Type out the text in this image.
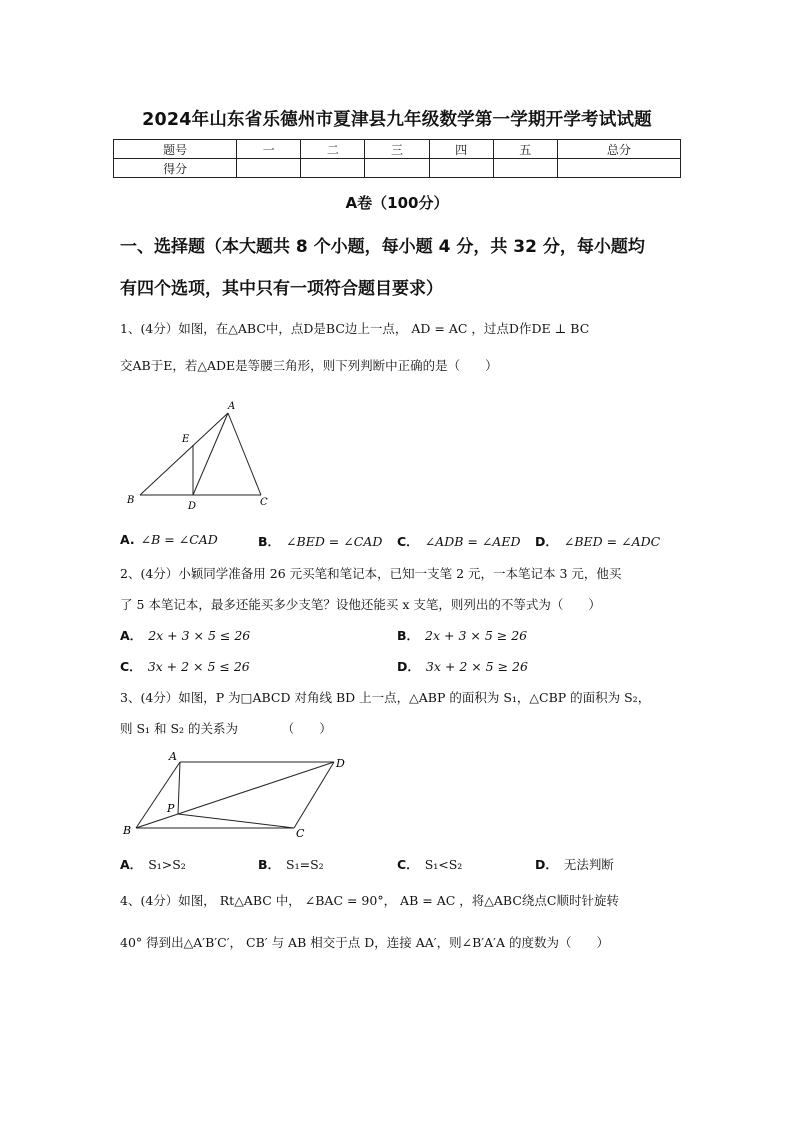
2024年山东省乐德州市夏津县九年级数学第一学期开学考试试题
题号	一	二	三	四	五	总分
得分						
A卷（100分）
一、选择题（本大题共 8 个小题，每小题 4 分，共 32 分，每小题均
有四个选项，其中只有一项符合题目要求）
1、(4分）如图，在△ABC中，点D是BC边上一点， AD = AC ，过点D作DE ⊥ BC
交AB于E，若△ADE是等腰三角形，则下列判断中正确的是（　　）
A
E
B
D	C
A. ∠B = ∠CAD	B． ∠BED = ∠CAD C． ∠ADB = ∠AED D． ∠BED = ∠ADC
2、(4分）小颖同学准备用 26 元买笔和笔记本，已知一支笔 2 元，一本笔记本 3 元，他买
了 5 本笔记本，最多还能买多少支笔？设他还能买 x 支笔，则列出的不等式为（　　）
A． 2x + 3 × 5 ≤ 26	B． 2x + 3 × 5 ≥ 26
C． 3x + 2 × 5 ≤ 26	D． 3x + 2 × 5 ≥ 26
3、(4分）如图，P 为□ABCD 对角线 BD 上一点，△ABP 的面积为 S₁，△CBP 的面积为 S₂，
则 S₁ 和 S₂ 的关系为　　　　（　　）
A
D
P
B	C
A． S₁>S₂	B． S₁=S₂	C． S₁<S₂	D． 无法判断
4、(4分）如图， Rt△ABC 中， ∠BAC = 90°， AB = AC ，将△ABC绕点C顺时针旋转
40° 得到出△A′B′C′， CB′ 与 AB 相交于点 D，连接 AA′，则∠B′A′A 的度数为（　　）
